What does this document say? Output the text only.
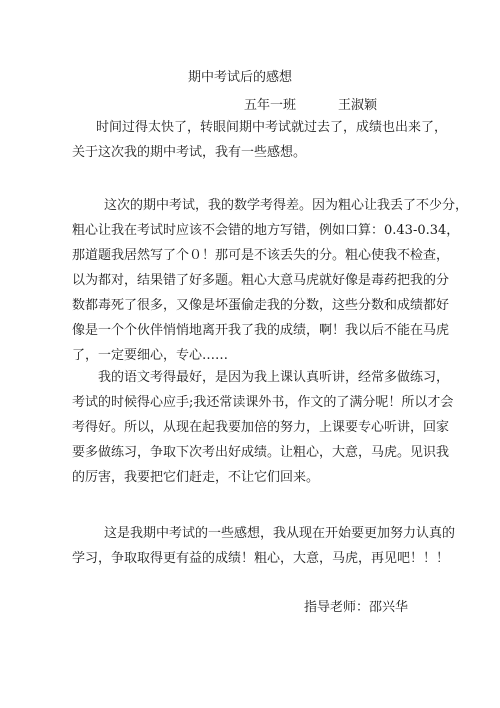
期中考试后的感想
五年一班	王淑颖
时间过得太快了，转眼间期中考试就过去了，成绩也出来了，
关于这次我的期中考试，我有一些感想。
这次的期中考试，我的数学考得差。因为粗心让我丢了不少分，
粗心让我在考试时应该不会错的地方写错，例如口算：0.43-0.34，
那道题我居然写了个０！那可是不该丢失的分。粗心使我不检查，
以为都对，结果错了好多题。粗心大意马虎就好像是毒药把我的分
数都毒死了很多，又像是坏蛋偷走我的分数，这些分数和成绩都好
像是一个个伙伴悄悄地离开我了我的成绩，啊！我以后不能在马虎
了，一定要细心，专心……
我的语文考得最好，是因为我上课认真听讲，经常多做练习，
考试的时候得心应手;我还常读课外书，作文的了满分呢！所以才会
考得好。所以，从现在起我要加倍的努力，上课要专心听讲，回家
要多做练习，争取下次考出好成绩。让粗心，大意，马虎。见识我
的厉害，我要把它们赶走，不让它们回来。
这是我期中考试的一些感想，我从现在开始要更加努力认真的
学习，争取取得更有益的成绩！粗心，大意，马虎，再见吧！！！
指导老师：邵兴华
